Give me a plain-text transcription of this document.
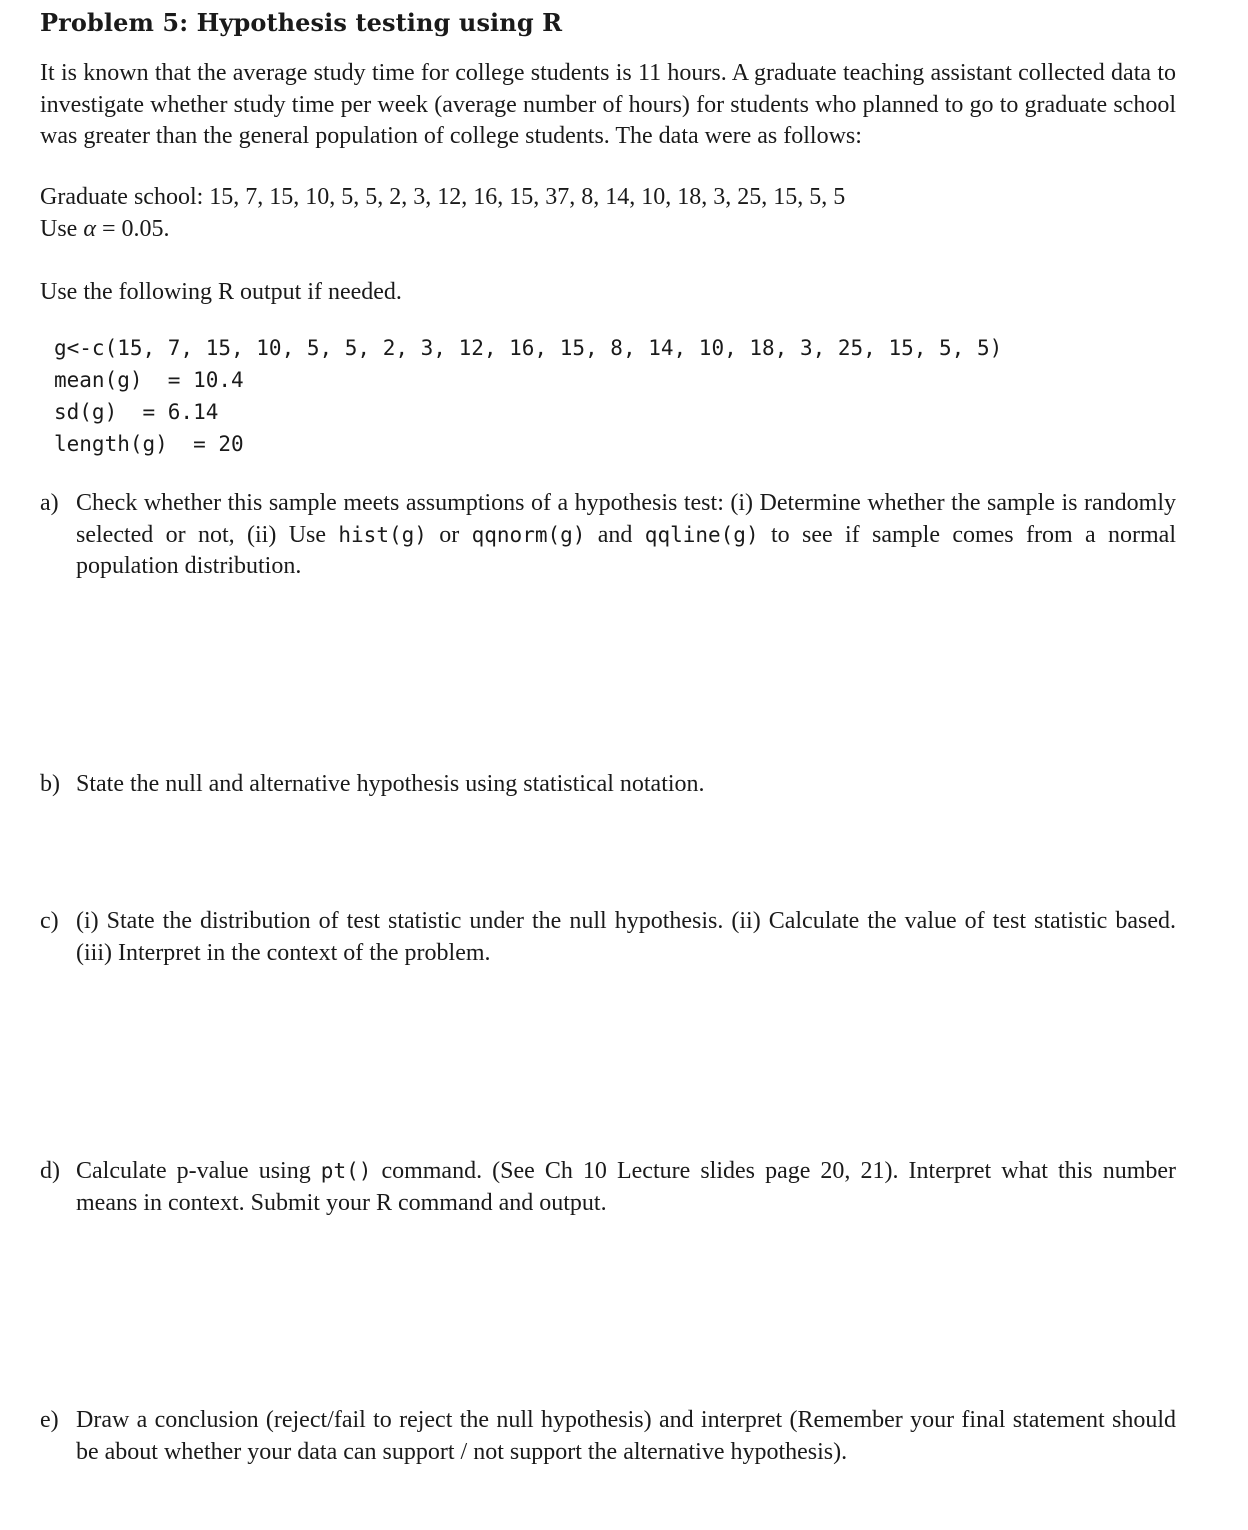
Problem 5: Hypothesis testing using R
It is known that the average study time for college students is 11 hours. A graduate teaching assistant collected data to investigate whether study time per week (average number of hours) for students who planned to go to graduate school was greater than the general population of college students. The data were as follows:
Graduate school: 15, 7, 15, 10, 5, 5, 2, 3, 12, 16, 15, 37, 8, 14, 10, 18, 3, 25, 15, 5, 5
Use α = 0.05.
Use the following R output if needed.
g<-c(15, 7, 15, 10, 5, 5, 2, 3, 12, 16, 15, 8, 14, 10, 18, 3, 25, 15, 5, 5)
mean(g)  = 10.4
sd(g)  = 6.14
length(g)  = 20
a) Check whether this sample meets assumptions of a hypothesis test: (i) Determine whether the sample is randomly selected or not, (ii) Use hist(g) or qqnorm(g) and qqline(g) to see if sample comes from a normal population distribution.
b) State the null and alternative hypothesis using statistical notation.
c) (i) State the distribution of test statistic under the null hypothesis. (ii) Calculate the value of test statistic based. (iii) Interpret in the context of the problem.
d) Calculate p-value using pt() command. (See Ch 10 Lecture slides page 20, 21). Interpret what this number means in context. Submit your R command and output.
e) Draw a conclusion (reject/fail to reject the null hypothesis) and interpret (Remember your final statement should be about whether your data can support / not support the alternative hypothesis).
